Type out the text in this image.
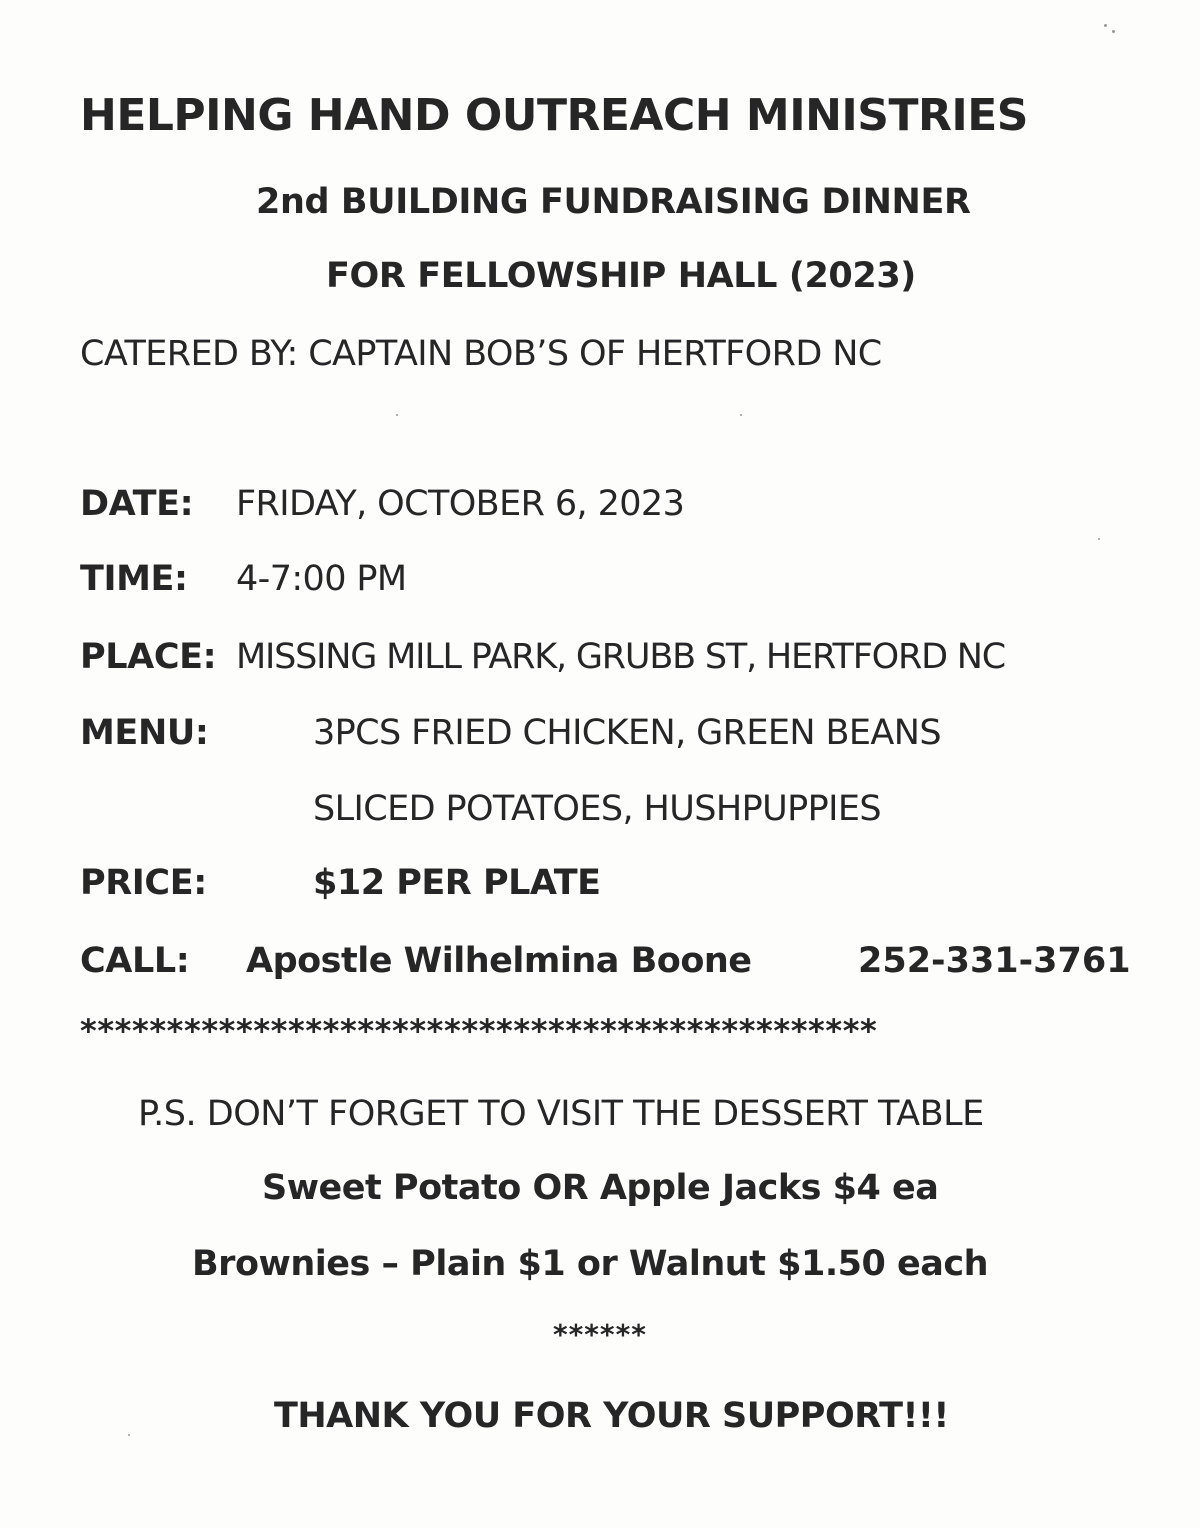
HELPING HAND OUTREACH MINISTRIES
2nd BUILDING FUNDRAISING DINNER
FOR FELLOWSHIP HALL (2023)
CATERED BY: CAPTAIN BOB’S OF HERTFORD NC
DATE: FRIDAY, OCTOBER 6, 2023
TIME: 4-7:00 PM
PLACE: MISSING MILL PARK, GRUBB ST, HERTFORD NC
MENU:	3PCS FRIED CHICKEN, GREEN BEANS
SLICED POTATOES, HUSHPUPPIES
PRICE:	$12 PER PLATE
CALL: Apostle Wilhelmina Boone	252-331-3761
**********************************************
P.S. DON’T FORGET TO VISIT THE DESSERT TABLE
Sweet Potato OR Apple Jacks $4 ea
Brownies – Plain $1 or Walnut $1.50 each
******
THANK YOU FOR YOUR SUPPORT!!!
